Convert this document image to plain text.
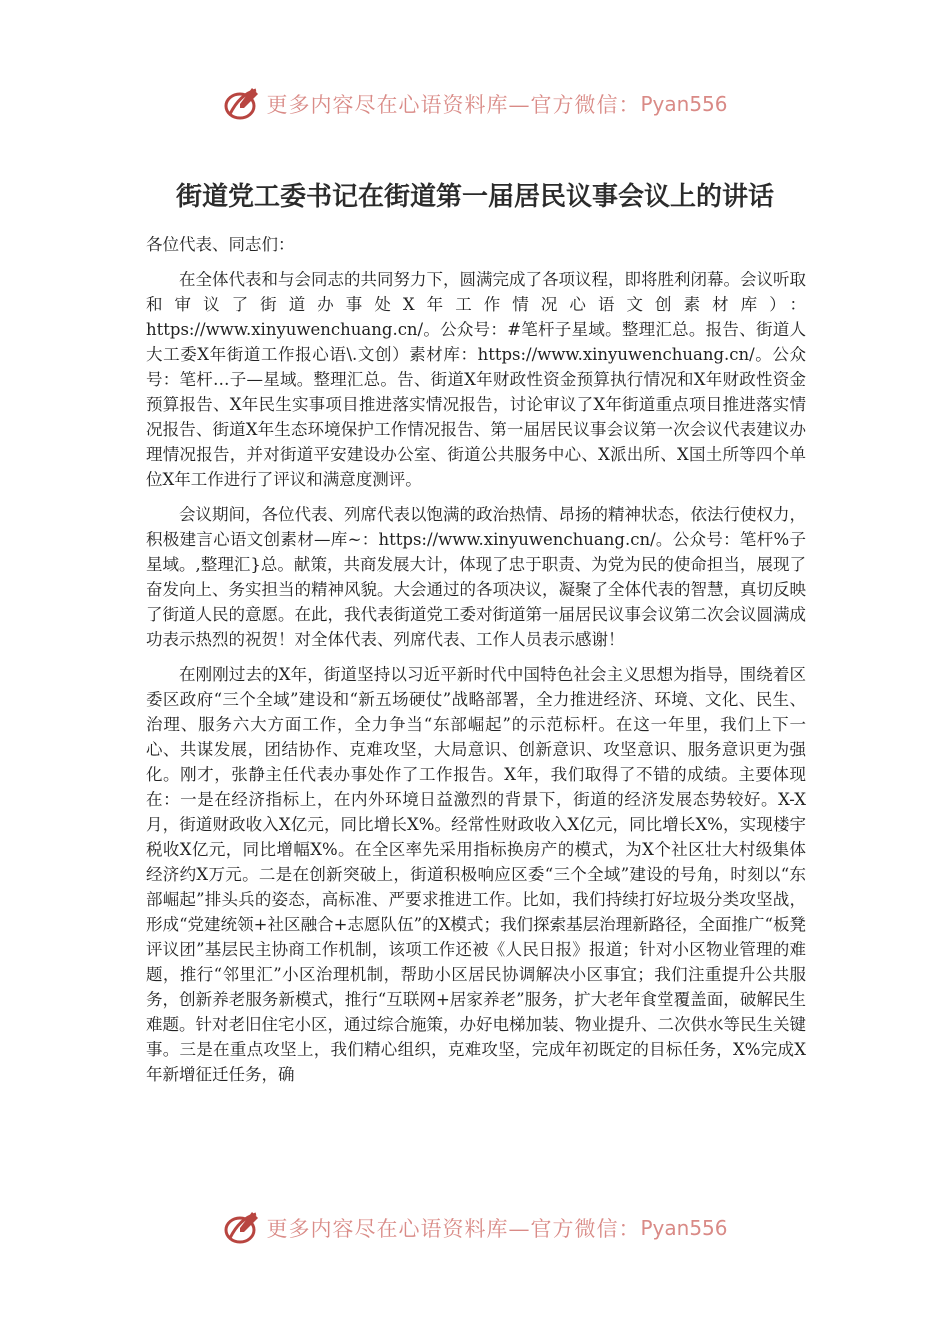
更多内容尽在心语资料库—官方微信： Pyan556
街道党工委书记在街道第一届居民议事会议上的讲话

各位代表、同志们：

在全体代表和与会同志的共同努力下，圆满完成了各项议程，即将胜利闭幕。会议听取和审议了街道办事处X年工作情况心语文创素材库）：https://www.xinyuwenchuang.cn/。公众号：#笔杆子星域。整理汇总。报告、街道人大工委X年街道工作报心语\.文创）素材库：https://www.xinyuwenchuang.cn/。公众号：笔杆…子—星域。整理汇总。告、街道X年财政性资金预算执行情况和X年财政性资金预算报告、X年民生实事项目推进落实情况报告，讨论审议了X年街道重点项目推进落实情况报告、街道X年生态环境保护工作情况报告、第一届居民议事会议第一次会议代表建议办理情况报告，并对街道平安建设办公室、街道公共服务中心、X派出所、X国土所等四个单位X年工作进行了评议和满意度测评。

会议期间，各位代表、列席代表以饱满的政治热情、昂扬的精神状态，依法行使权力，积极建言心语文创素材—库~：https://www.xinyuwenchuang.cn/。公众号：笔杆%子星域。,整理汇}总。献策，共商发展大计，体现了忠于职责、为党为民的使命担当，展现了奋发向上、务实担当的精神风貌。大会通过的各项决议，凝聚了全体代表的智慧，真切反映了街道人民的意愿。在此，我代表街道党工委对街道第一届居民议事会议第二次会议圆满成功表示热烈的祝贺！对全体代表、列席代表、工作人员表示感谢！

在刚刚过去的X年，街道坚持以习近平新时代中国特色社会主义思想为指导，围绕着区委区政府“三个全域”建设和“新五场硬仗”战略部署，全力推进经济、环境、文化、民生、治理、服务六大方面工作，全力争当“东部崛起”的示范标杆。在这一年里，我们上下一心、共谋发展，团结协作、克难攻坚，大局意识、创新意识、攻坚意识、服务意识更为强化。刚才，张静主任代表办事处作了工作报告。X年，我们取得了不错的成绩。主要体现在：一是在经济指标上，在内外环境日益激烈的背景下，街道的经济发展态势较好。X-X月，街道财政收入X亿元，同比增长X%。经常性财政收入X亿元，同比增长X%，实现楼宇税收X亿元，同比增幅X%。在全区率先采用指标换房产的模式，为X个社区壮大村级集体经济约X万元。二是在创新突破上，街道积极响应区委“三个全域”建设的号角，时刻以“东部崛起”排头兵的姿态，高标准、严要求推进工作。比如，我们持续打好垃圾分类攻坚战，形成“党建统领+社区融合+志愿队伍”的X模式；我们探索基层治理新路径，全面推广“板凳评议团”基层民主协商工作机制，该项工作还被《人民日报》报道；针对小区物业管理的难题，推行“邻里汇”小区治理机制，帮助小区居民协调解决小区事宜；我们注重提升公共服务，创新养老服务新模式，推行“互联网+居家养老”服务，扩大老年食堂覆盖面，破解民生难题。针对老旧住宅小区，通过综合施策，办好电梯加装、物业提升、二次供水等民生关键事。三是在重点攻坚上，我们精心组织，克难攻坚，完成年初既定的目标任务，X%完成X年新增征迁任务，确

更多内容尽在心语资料库—官方微信： Pyan556
